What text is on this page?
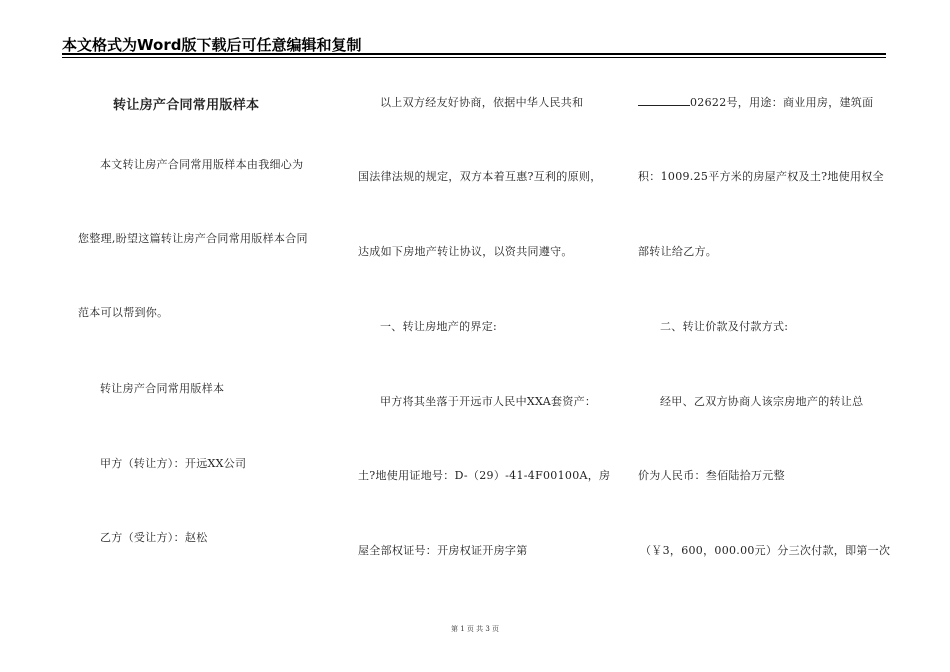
本文格式为Word版下载后可任意编辑和复制
转让房产合同常用版样本
本文转让房产合同常用版样本由我细心为
您整理,盼望这篇转让房产合同常用版样本合同
范本可以帮到你。
转让房产合同常用版样本
甲方（转让方）：开远XX公司
乙方（受让方）：赵松
以上双方经友好协商，依据中华人民共和
国法律法规的规定，双方本着互惠?互利的原则，
达成如下房地产转让协议，以资共同遵守。
一、转让房地产的界定:
甲方将其坐落于开远市人民中XXA套资产：
土?地使用证地号：D-（29）-41-4F00100A，房
屋全部权证号：开房权证开房字第
02622号，用途：商业用房，建筑面
积：1009.25平方米的房屋产权及土?地使用权全
部转让给乙方。
二、转让价款及付款方式:
经甲、乙双方协商人该宗房地产的转让总
价为人民币：叁佰陆拾万元整
（￥3，600，000.00元）分三次付款，即第一次
第 1 页 共 3 页
